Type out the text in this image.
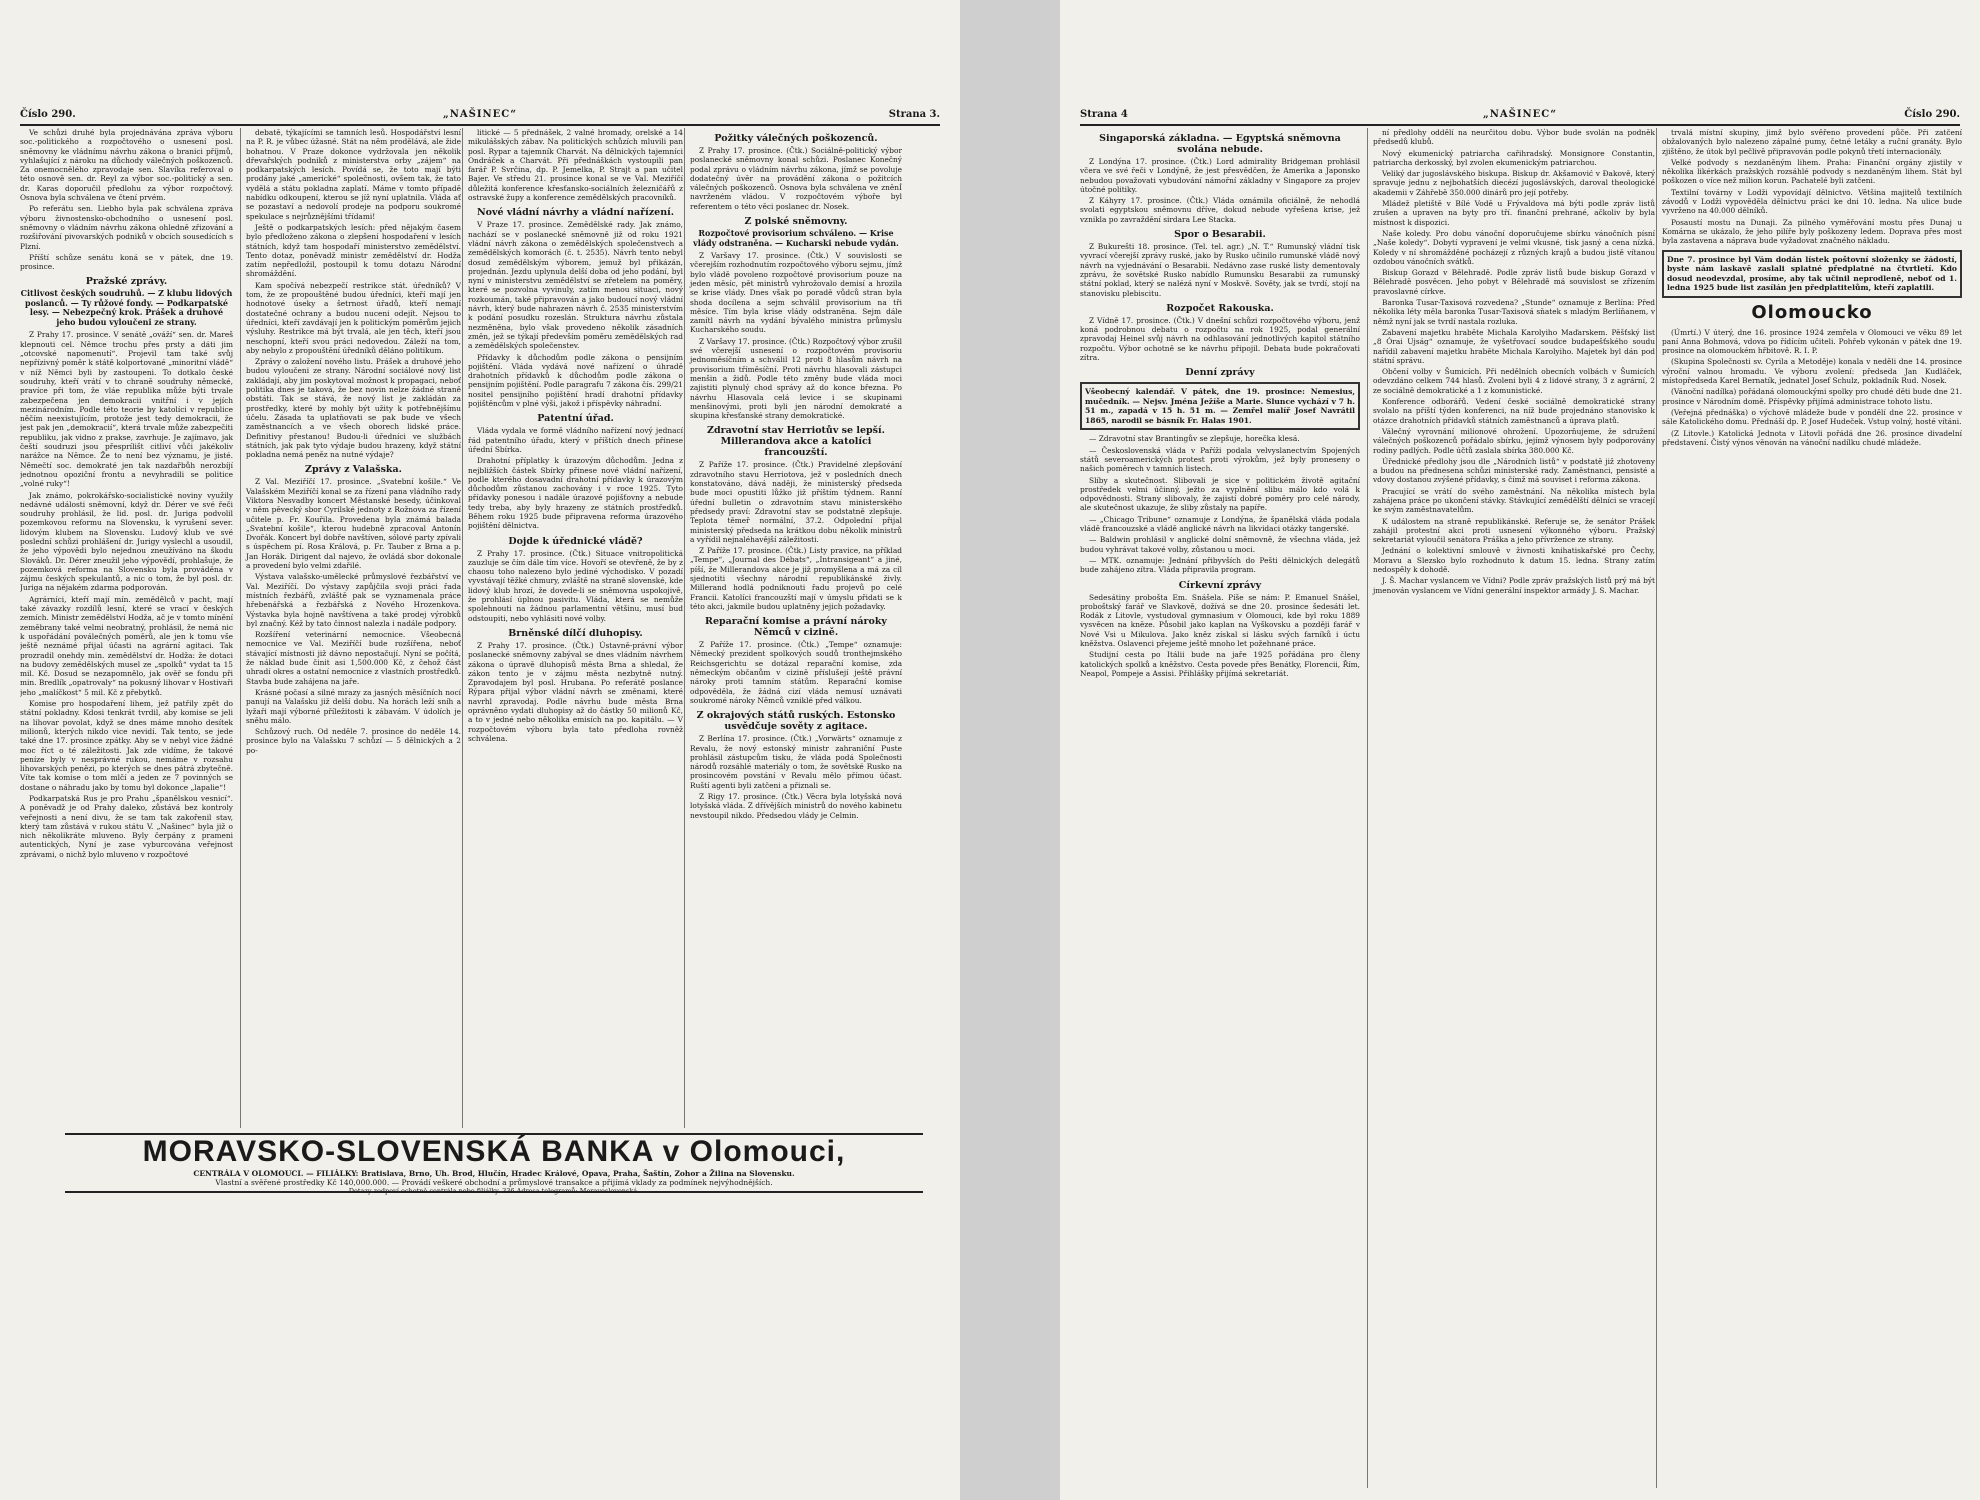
Číslo 290.	„NAŠINEC“	Strana 3.

Ve schůzi druhé byla projednávána zpráva výboru soc.-politického a rozpočtového o usnesení posl. sněmovny ke vládnímu návrhu zákona o branici příjmů, vyhlašující z nároku na důchody válečných poškozenců. Za onemocnělého zpravodaje sen. Slavíka referoval o této osnově sen. dr. Reyl za výbor soc.-politický a sen. dr. Karas doporučil předlohu za výbor rozpočtový. Osnova byla schválena ve čtení prvém.

Po referátu sen. Liebho byla pak schválena zpráva výboru živnostensko-obchodního o usnesení posl. sněmovny o vládním návrhu zákona ohledně zřizování a rozšiřování pivovarských podniků v obcích sousedících s Plzní.

Příští schůze senátu koná se v pátek, dne 19. prosince.

Pražské zprávy.
Citlivost českých soudruhů. — Z klubu lidových poslanců. — Ty růžové fondy. — Podkarpatské lesy. — Nebezpečný krok. Prášek a druhové jeho budou vyloučeni ze strany.

Z Prahy 17. prosince. V senátě „ováží“ sen. dr. Mareš klepnouti cel. Němce trochu přes prsty a dáti jim „otcovské napomenutí“. Projevil tam také svůj nepřízivný poměr k státě kolportované „minoritní vládě“ v níž Němci byli by zastoupeni. To dotkalo české soudruhy, kteří vrátí v to chraně soudruhy německé, pravíce při tom, že vláe republika může býti trvale zabezpečena jen demokracii vnitřní i v jejích mezinárodním. Podle této teorie by katolíci v republice něčím neexistujícím, protože jest tedy demokracii, že jest pak jen „demokracií“, která trvale může zabezpečiti republiku, jak vidno z prakse, zavrhuje. Je zajímavo, jak čeští soudruzi jsou přesprílišt citliví vůči jakékoliv narážce na Němce. Že to není bez významu, je jisté. Němečtí soc. demokraté jen tak nazdařbůh nerozbíjí jednotnou opoziční frontu a nevyhradili se politice „volné ruky“!

Jak známo, pokrokářsko-socialistické noviny využily nedávné události sněmovní, když dr. Dérer ve své řeči soudruhy prohlásil, že lid. posl. dr. Juriga podvolil pozemkovou reformu na Slovensku, k vyrušení sever. lidovým klubem na Slovensku. Ludový klub ve své poslední schůzi prohlášení dr. Jurigy vyslechl a usoudil, že jeho výpovědi bylo nejednou zneužíváno na škodu Slováků. Dr. Dérer zneužil jeho výpovědí, prohlašuje, že pozemková reforma na Slovensku byla prováděna v zájmu českých spekulantů, a nic o tom, že byl posl. dr. Juriga na nějakém zdarma podporován.

Agrárníci, kteří mají mín. zemědělců v pacht, mají také závazky rozdílů lesní, které se vrací v českých zemích. Ministr zemědělství Hodža, ač je v tomto mínění zeměbrany také velmi neobratný, prohlásil, že nemá nic k uspořádání poválečných poměrů, ale jen k tomu vše ještě neznámé přijal účasti na agrární agitaci. Tak prozradil onehdy min. zemědělství dr. Hodža: že dotaci na budovy zemědělských musel ze „spolků“ vydat ta 15 mil. Kč. Dosud se nezapomnělo, jak ověř se fondu při min. Bredlík „opatrovaly“ na pokusný lihovar v Hostivaři jeho „malíčkost“ 5 mil. Kč z přebytků.

Komise pro hospodaření lihem, jež patřily zpět do státní pokladny. Kdosi tenkrát tvrdil, aby komise se jeli na lihovar povolat, když se dnes máme mnoho desítek milionů, kterých nikdo vice nevidí. Tak tento, se jede také dne 17. prosince zpátky. Aby se v nebyl vice žádné moc říct o té záležitosti. Jak zde vidíme, že takové peníze byly v nesprávné rukou, nemáme v rozsahu lihovarských penězi, po kterých se dnes pátrá zbytečně. Víte tak komise o tom mlčí a jeden ze 7 povinných se dostane o náhradu jako by tomu byl dokonce „lapalie“!

Podkarpatská Rus je pro Prahu „španělskou vesnicí“. A poněvadž je od Prahy daleko, zůstává bez kontroly veřejnosti a není divu, že se tam tak zakořenil stav, který tam zůstává v rukou státu V. „Našinec“ byla již o nich několikráte mluveno. Byly čerpány z prameni autentických, Nyní je zase vyburcována veřejnost zprávami, o nichž bylo mluveno v rozpočtové

debatě, týkajícími se tamních lesů. Hospodářství lesní na P. R. je vůbec úžasné. Stát na něm prodělává, ale žide bohatnou. V Praze dokonce vydržovala jen několik dřevařských podniků z ministerstva orby „zájem“ na podkarpatských lesích. Povídá se, že toto mají býti prodány jaké „americké“ společnosti, ovšem tak, že tato vydělá a státu pokladna zaplatí. Máme v tomto případě nabídku odkoupení, kterou se jíž nyní uplatnila. Vláda ať se pozastaví a nedovolí prodeje na podporu soukromé spekulace s nejrůznějšími třídami!

Ještě o podkarpatských lesích: před nějakým časem bylo předloženo zákona o zlepšení hospodaření v lesích státních, když tam hospodaří ministerstvo zemědělství. Tento dotaz, poněvadž ministr zemědělství dr. Hodža zatím nepředložil, postoupil k tomu dotazu Národní shromáždění.

Kam spočívá nebezpečí restrikce stát. úředníků? V tom, že ze propouštěné budou úředníci, kteří mají jen hodnotové úseky a šetrnost úřadů, kteří nemají dostatečné ochrany a budou nuceni odejít. Nejsou to úředníci, kteří zavdávají jen k politickým poměrům jejich výsluhy. Restrikce má být trvalá, ale jen těch, kteří jsou neschopní, kteří svou práci nedovedou. Záleží na tom, aby nebylo z propouštění úředníků děláno politikum.

Zprávy o založení nového listu. Prášek a druhové jeho budou vyloučeni ze strany. Národní sociálové nový list zakládají, aby jim poskytoval možnost k propagaci, neboť politika dnes je taková, že bez novin nelze žádné straně obstáti. Tak se stává, že nový list je zakládán za prostředky, které by mohly být užity k potřebnějšímu účelu. Zásada ta uplatňovati se pak bude ve všech zaměstnancích a ve všech oborech lidské práce. Definitivy přestanou! Budou-li úředníci ve službách státních, jak pak tyto výdaje budou hrazeny, když státní pokladna nemá peněz na nutné výdaje?

Zprávy z Valašska.

Z Val. Meziříčí 17. prosince. „Svatební košile.“ Ve Valašském Meziříčí konal se za řízení pana vládního rady Viktora Nesvadby koncert Městanské besedy, účinkoval v něm pěvecký sbor Cyrilské jednoty z Rožnova za řízení učitele p. Fr. Kouřila. Provedena byla známá balada „Svatební košile“, kterou hudebně zpracoval Antonín Dvořák. Koncert byl dobře navštíven, sólové party zpívali s úspěchem pí. Rosa Králová, p. Fr. Tauber z Brna a p. Jan Horák. Dirigent dal najevo, že ovládá sbor dokonale a provedení bylo velmi zdařilé.

Výstava valašsko-umělecké průmyslové řezbářství ve Val. Meziříčí. Do výstavy zapůjčila svoji práci řada místních řezbářů, zvláště pak se vyznamenala práce hřebenářská a řezbářská z Nového Hrozenkova. Výstavka byla hojně navštívena a také prodej výrobků byl značný. Kéž by tato činnost nalezla i nadále podpory.

Rozšíření veterinární nemocnice. Všeobecná nemocnice ve Val. Meziříčí bude rozšířena, neboť stávající místnosti již dávno nepostačují. Nyní se počítá, že náklad bude činit asi 1,500.000 Kč, z čehož část uhradí okres a ostatní nemocnice z vlastních prostředků. Stavba bude zahájena na jaře.

Krásné počasí a silné mrazy za jasných měsíčních nocí panují na Valašsku již delší dobu. Na horách leží sníh a lyžaři mají výborné příležitosti k zábavám. V údolích je sněhu málo.

Schůzový ruch. Od neděle 7. prosince do neděle 14. prosince bylo na Valašsku 7 schůzí — 5 dělnických a 2 po-

litické — 5 přednášek, 2 valné hromady, orelské a 14 mikulášských zábav. Na politických schůzích mluvili pan posl. Rypar a tajemník Charvát. Na dělnických tajemníci Ondráček a Charvát. Při přednáškách vystoupili pan farář P. Svrčina, dp. P. Jemelka, P. Strajt a pan učitel Bajer. Ve středu 21. prosince konal se ve Val. Meziříčí důležitá konference křesťansko-sociálních železničářů z ostravské župy a konference zemědělských pracovníků.

Nové vládní návrhy a vládní nařízení.

V Praze 17. prosince. Zemědělské rady. Jak známo, nachází se v poslanecké sněmovně již od roku 1921 vládní návrh zákona o zemědělských společenstvech a zemědělských komorách (č. t. 2535). Návrh tento nebyl dosud zemědělským výborem, jemuž byl přikázán, projednán. Jezdu uplynula delší doba od jeho podání, byl nyní v ministerstvu zemědělství se zřetelem na poměry, které se pozvolna vyvinuly, zatím menou situaci, nový rozkoumán, také připravován a jako budoucí nový vládní návrh, který bude nahrazen návrh č. 2535 ministerstvím k podání posudku rozeslán. Struktura návrhu zůstala nezměněna, bylo však provedeno několik zásadních změn, jež se týkají především poměru zemědělských rad a zemědělských společenstev.

Přídavky k důchodům podle zákona o pensijním pojištění. Vláda vydává nové nařízení o úhradě drahotních přídavků k důchodům podle zákona o pensijním pojištění. Podle paragrafu 7 zákona čís. 299/21 nositel pensijního pojištění hradí drahotní přídavky pojištěncům v plné výši, jakož i příspěvky náhradní.

Patentní úřad.

Vláda vydala ve formě vládního nařízení nový jednací řád patentního úřadu, který v příštích dnech přinese úřední Sbírka.

Drahotní příplatky k úrazovým důchodům. Jedna z nejbližších částek Sbírky přinese nové vládní nařízení, podle kterého dosavadní drahotní přídavky k úrazovým důchodům zůstanou zachovány i v roce 1925. Tyto přídavky ponesou i nadále úrazové pojišťovny a nebude tedy treba, aby byly hrazeny ze státních prostředků. Během roku 1925 bude připravena reforma úrazového pojištění dělnictva.

Dojde k úřednické vládě?

Z Prahy 17. prosince. (Čtk.) Situace vnitropolitická zauzluje se čím dále tím více. Hovoří se otevřeně, že by z chaosu toho nalezeno bylo jediné východisko. V pozadí vyvstávají těžké chmury, zvláště na straně slovenské, kde lidový klub hrozí, že dovede-li se sněmovna uspokojivě, že prohlásí úplnou pasivitu. Vláda, která se nemůže spolehnouti na žádnou parlamentní většinu, musí buď odstoupiti, nebo vyhlásiti nové volby.

Brněnské dílčí dluhopisy.

Z Prahy 17. prosince. (Čtk.) Ústavně-právní výbor poslanecké sněmovny zabýval se dnes vládním návrhem zákona o úpravě dluhopisů města Brna a shledal, že zákon tento je v zájmu města nezbytně nutný. Zpravodajem byl posl. Hrubana. Po referátě poslance Rýpara přijal výbor vládní návrh se změnami, které navrhl zpravodaj. Podle návrhu bude města Brna oprávněno vydati dluhopisy až do částky 50 milionů Kč, a to v jedné nebo několika emisích na po. kapitálu. — V rozpočtovém výboru byla tato předloha rovněž schválena.

Požitky válečných poškozenců.

Z Prahy 17. prosince. (Čtk.) Sociálně-politický výbor poslanecké sněmovny konal schůzi. Poslanec Konečný podal zprávu o vládním návrhu zákona, jímž se povoluje dodatečný úvěr na provádění zákona o požitcích válečných poškozenců. Osnova byla schválena ve zněnÍ navrženém vládou. V rozpočtovém výboře byl referentem o této věci poslanec dr. Nosek.

Z polské sněmovny.
Rozpočtové provisorium schváleno. — Krise vlády odstraněna. — Kucharski nebude vydán.

Z Varšavy 17. prosince. (Čtk.) V souvislosti se včerejším rozhodnutím rozpočtového výboru sejmu, jímž bylo vládě povoleno rozpočtové provisorium pouze na jeden měsíc, pět ministrů vyhrožovalo demisí a hrozila se krise vlády. Dnes však po poradě vůdců stran byla shoda docílena a sejm schválil provisorium na tři měsíce. Tím byla krise vlády odstraněna. Sejm dále zamítl návrh na vydání bývalého ministra průmyslu Kucharského soudu.

Z Varšavy 17. prosince. (Čtk.) Rozpočtový výbor zrušil své včerejší usnesení o rozpočtovém provisoriu jednoměsíčním a schválil 12 proti 8 hlasům návrh na provisorium tříměsíční. Proti návrhu hlasovali zástupci menšin a židů. Podle této změny bude vláda moci zajistiti plynulý chod správy až do konce března. Po návrhu Hlasovala celá levice i se skupinami menšinovými, proti byli jen národní demokraté a skupina křesťanské strany demokratické.

Zdravotní stav Herriotův se lepší. Millerandova akce a katolíci francouzští.

Z Paříže 17. prosince. (Čtk.) Pravidelné zlepšování zdravotního stavu Herriotova, jež v posledních dnech konstatováno, dává naději, že ministerský předseda bude moci opustiti lůžko již příštím týdnem. Ranní úřední bulletin o zdravotním stavu ministerského předsedy praví: Zdravotní stav se podstatně zlepšuje. Teplota těmeř normální, 37.2. Odpolední přijal ministerský předseda na krátkou dobu několik ministrů a vyřídil nejnaléhavější záležitosti.

Z Paříže 17. prosince. (Čtk.) Listy pravice, na příklad „Tempe“, „Journal des Débats“, „Intransigeant“ a jiné, píší, že Millerandova akce je již promyšlena a má za cíl sjednotiti všechny národní republikánské živly. Millerand hodlá podniknouti řadu projevů po celé Francii. Katolíci francouzští mají v úmyslu přidati se k této akci, jakmile budou uplatněny jejich požadavky.

Reparační komise a právní nároky Němců v cizině.

Z Paříže 17. prosince. (Čtk.) „Tempe“ oznamuje: Německý prezident spolkových soudů tronthejmského Reichsgerichtu se dotázal reparační komise, zda německým občanům v cizině příslušejí ještě právní nároky proti tamním státům. Reparační komise odpověděla, že žádná cizí vláda nemusí uznávati soukromé nároky Němců vzniklé před válkou.

Z okrajových států ruských. Estonsko usvědčuje sověty z agitace.

Z Berlína 17. prosince. (Čtk.) „Vorwärts“ oznamuje z Revalu, že nový estonský ministr zahraniční Puste prohlásil zástupcům tisku, že vláda podá Společnosti národů rozsáhlé materiály o tom, že sovětské Rusko na prosincovém povstání v Revalu mělo přímou účast. Ruští agenti byli zatčeni a přiznali se.

Z Rigy 17. prosince. (Čtk.) Věcra byla lotyšská nová lotyšská vláda. Z dřívějších ministrů do nového kabinetu nevstoupil nikdo. Předsedou vlády je Celmin.

MORAVSKO-SLOVENSKÁ BANKA v Olomouci,
CENTRÁLA V OLOMOUCI. — FILIÁLKY: Bratislava, Brno, Uh. Brod, Hlučín, Hradec Králové, Opava, Praha, Šaštín, Zohor a Žilina na Slovensku.
Vlastní a svěřené prostředky Kč 140,000.000. — Provádí veškeré obchodní a průmyslové transakce a přijímá vklady za podmínek nejvýhodnějších.
Dotazy zodpoví ochotně centrála nebo filiálky. 336 Adresa telegramů: Moravoslovenská.
Strana 4	„NAŠINEC“	Číslo 290.
Singaporská základna. — Egyptská sněmovna svolána nebude.

Z Londýna 17. prosince. (Čtk.) Lord admirality Bridgeman prohlásil včera ve své řeči v Londýně, že jest přesvědčen, že Amerika a Japonsko nebudou považovati vybudování námořní základny v Singapore za projev útočné politiky.

Z Káhyry 17. prosince. (Čtk.) Vláda oznámila oficiálně, že nehodlá svolati egyptskou sněmovnu dříve, dokud nebude vyřešena krise, jež vznikla po zavraždění sirdara Lee Stacka.

Spor o Besarabii.

Z Bukurešti 18. prosince. (Tel. tel. agr.) „N. T.“ Rumunský vládní tisk vyvrací včerejší zprávy ruské, jako by Rusko učinilo rumunské vládě nový návrh na vyjednávání o Besarabii. Nedávno zase ruské listy dementovaly zprávu, že sovětské Rusko nabídlo Rumunsku Besarabii za rumunský státní poklad, který se nalézá nyní v Moskvě. Sověty, jak se tvrdí, stojí na stanovisku plebiscitu.

Rozpočet Rakouska.

Z Vídně 17. prosince. (Čtk.) V dnešní schůzi rozpočtového výboru, jenž koná podrobnou debatu o rozpočtu na rok 1925, podal generální zpravodaj Heinel svůj návrh na odhlasování jednotlivých kapitol státního rozpočtu. Výbor ochotně se ke návrhu připojil. Debata bude pokračovati zítra.

Denní zprávy
Všeobecný kalendář. V pátek, dne 19. prosince: Nemesius, mučedník. — Nejsv. Jména Ježíše a Marie. Slunce vychází v 7 h. 51 m., zapadá v 15 h. 51 m. — Zemřel malíř Josef Navrátil 1865, narodil se básník Fr. Halas 1901.

— Zdravotní stav Brantingův se zlepšuje, horečka klesá.

— Československá vláda v Paříži podala velvyslanectvím Spojených států severoamerických protest proti výrokům, jež byly proneseny o našich poměrech v tamních listech.

Slíby a skutečnost. Slibovali je sice v politickém životě agitační prostředek velmi účinný, ježto za vyplnění slibu málo kdo volá k odpovědnosti. Strany slibovaly, že zajistí dobré poměry pro celé národy, ale skutečnost ukazuje, že sliby zůstaly na papíře.

— „Chicago Tribune“ oznamuje z Londýna, že španělská vláda podala vládě francouzské a vládě anglické návrh na likvidaci otázky tangerské.

— Baldwin prohlásil v anglické dolní sněmovně, že všechna vláda, jež budou vyhrávat takové volby, zůstanou u moci.

— MTK. oznamuje: Jednání přibyvších do Pešti dělnických delegátů bude zahájeno zítra. Vláda připravila program.

Církevní zprávy

Sedesátiny probošta Em. Snášela. Píše se nám: P. Emanuel Snášel, proboštský farář ve Slavkově, dožívá se dne 20. prosince šedesáti let. Rodák z Litovle, vystudoval gymnasium v Olomouci, kde byl roku 1889 vysvěcen na kněze. Působil jako kaplan na Vyškovsku a později farář v Nové Vsi u Mikulova. Jako kněz získal si lásku svých farníků i úctu kněžstva. Oslavenci přejeme ještě mnoho let požehnané práce.

Studijní cesta po Itálii bude na jaře 1925 pořádána pro členy katolických spolků a kněžstvo. Cesta povede přes Benátky, Florencii, Řím, Neapol, Pompeje a Assisi. Přihlášky přijímá sekretariát.

ní předlohy oddělí na neurčitou dobu. Výbor bude svolán na podněk předsedů klubů.

Nový ekumenický patriarcha cařihradský. Monsignore Constantin, patriarcha derkosský, byl zvolen ekumenickým patriarchou.

Veliký dar jugoslávského biskupa. Biskup dr. Akšamović v Đakově, který spravuje jednu z nejbohatších diecézí jugoslávských, daroval theologické akademii v Záhřebě 350.000 dinárů pro její potřeby.

Mládež pletiště v Bílé Vodě u Frývaldova má býti podle zpráv listů zrušen a upraven na byty pro tří. finanční prehrané, ačkoliv by byla místnost k dispozici.

Naše koledy. Pro dobu vánoční doporučujeme sbírku vánočních písní „Naše koledy“. Dobytí vypravení je velmi vkusné, tisk jasný a cena nízká. Koledy v ní shromážděné pocházejí z různých krajů a budou jistě vítanou ozdobou vánočních svátků.

Biskup Gorazd v Bělehradě. Podle zpráv listů bude biskup Gorazd v Bělehradě posvěcen. Jeho pobyt v Bělehradě má souvislost se zřízením pravoslavné církve.

Baronka Tusar-Taxisová rozvedena? „Stunde“ oznamuje z Berlína: Před několika léty měla baronka Tusar-Taxisová sňatek s mladým Berlíňanem, v němž nyní jak se tvrdí nastala rozluka.

Zabavení majetku hraběte Michala Karolyiho Maďarskem. Pěšťský list „8 Órai Ujság“ oznamuje, že vyšetřovací soudce budapešťského soudu nařídil zabavení majetku hraběte Michala Karolyiho. Majetek byl dán pod státní správu.

Občení volby v Šumicích. Při nedělních obecních volbách v Šumicích odevzdáno celkem 744 hlasů. Zvoleni byli 4 z lidové strany, 3 z agrární, 2 ze sociálně demokratické a 1 z komunistické.

Konference odborářů. Vedení české sociálně demokratické strany svolalo na příští týden konferenci, na níž bude projednáno stanovisko k otázce drahotních přídavků státních zaměstnanců a úprava platů.

Válečný vyrovnání milionové ohrožení. Upozorňujeme, že sdružení válečných poškozenců pořádalo sbírku, jejímž výnosem byly podporovány rodiny padlých. Podle účtů zaslala sbírka 380.000 Kč.

Úřednické předlohy jsou dle „Národních listů“ v podstatě již zhotoveny a budou na přednesena schůzi ministerské rady. Zaměstnanci, pensisté a vdovy dostanou zvýšené přídavky, s čímž má souviset i reforma zákona.

Pracující se vrátí do svého zaměstnání. Na několika místech byla zahájena práce po ukončení stávky. Stávkující zemědělští dělníci se vracejí ke svým zaměstnavatelům.

K událostem na straně republikánské. Referuje se, že senátor Prášek zahájil protestní akci proti usnesení výkonného výboru. Pražský sekretariát vyloučil senátora Práška a jeho přívržence ze strany.

Jednání o kolektivní smlouvě v živnosti knihatiskařské pro Čechy, Moravu a Slezsko bylo rozhodnuto k datum 15. ledna. Strany zatím nedospěly k dohodě.

J. Š. Machar vyslancem ve Vídni? Podle zpráv pražských listů prý má být jmenován vyslancem ve Vídni generální inspektor armády J. S. Machar.

trvalá místní skupiny, jimž bylo svěřeno provedení půče. Při zatčení obžalovaných bylo nalezeno zápalné pumy, četné letáky a ruční granáty. Bylo zjištěno, že útok byl pečlivě připravován podle pokynů třetí internacionály.

Velké podvody s nezdaněným lihem. Praha: Finanční orgány zjistily v několika likérkách pražských rozsáhlé podvody s nezdaněným lihem. Stát byl poškozen o více než milion korun. Pachatelé byli zatčeni.

Textilní továrny v Lodži vypovídají dělnictvo. Většina majitelů textilních závodů v Lodži vypověděla dělnictvu práci ke dni 10. ledna. Na ulice bude vyvrženo na 40.000 dělníků.

Posaustí mostu na Dunaji. Za pilného vyměřování mostu přes Dunaj u Komárna se ukázalo, že jeho pilíře byly poškozeny ledem. Doprava přes most byla zastavena a náprava bude vyžadovat značného nákladu.

Dne 7. prosince byl Vám dodán lístek poštovní složenky se žádostí, byste nám laskavě zaslali splatné předplatné na čtvrtletí. Kdo dosud neodevzdal, prosíme, aby tak učinil neprodleně, neboť od 1. ledna 1925 bude list zasílán jen předplatitelům, kteří zaplatili.
Olomoucko

(Úmrtí.) V úterý, dne 16. prosince 1924 zemřela v Olomouci ve věku 89 let paní Anna Bohmová, vdova po řídícím učiteli. Pohřeb vykonán v pátek dne 19. prosince na olomouckém hřbitově. R. I. P.

(Skupina Společnosti sv. Cyrila a Metoděje) konala v neděli dne 14. prosince výroční valnou hromadu. Ve výboru zvolení: předseda Jan Kudláček, místopředseda Karel Bernatík, jednatel Josef Schulz, pokladník Rud. Nosek.

(Vánoční nadílka) pořádaná olomouckými spolky pro chudé děti bude dne 21. prosince v Národním domě. Příspěvky přijímá administrace tohoto listu.

(Veřejná přednáška) o výchově mládeže bude v pondělí dne 22. prosince v sále Katolického domu. Přednáší dp. P. Josef Hudeček. Vstup volný, hosté vítáni.

(Z Litovle.) Katolická Jednota v Litovli pořádá dne 26. prosince divadelní představení. Čistý výnos věnován na vánoční nadílku chudé mládeže.
